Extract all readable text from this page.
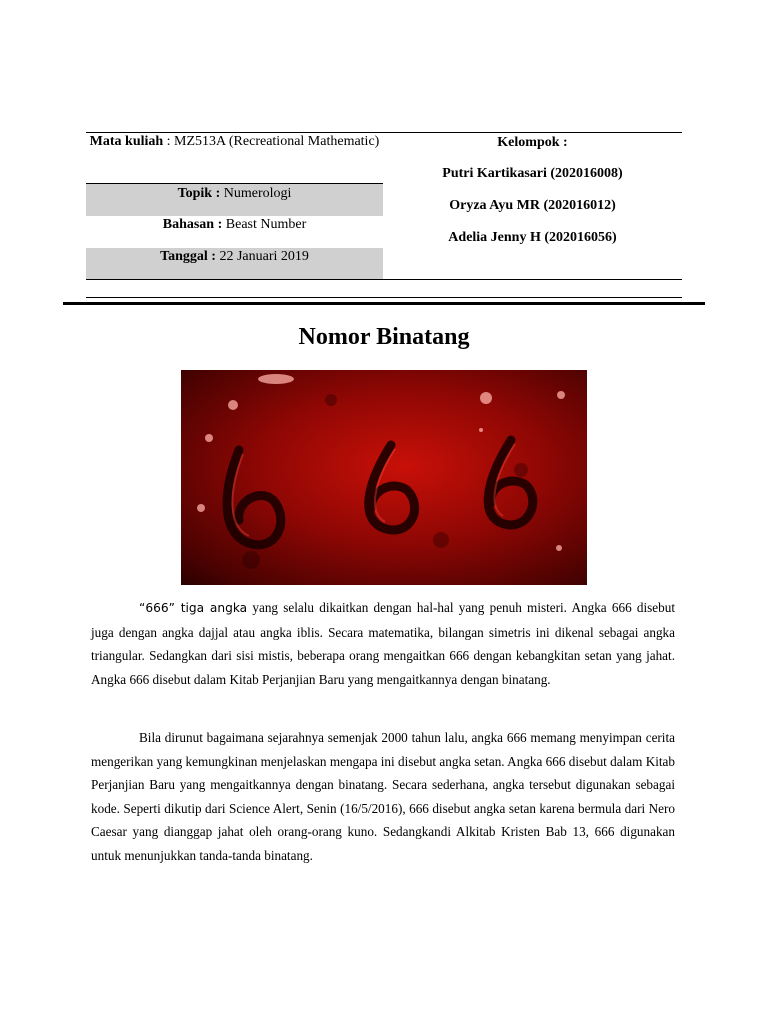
Mata kuliah : MZ513A (Recreational Mathematic)
Topik : Numerologi
Bahasan : Beast Number
Tanggal : 22 Januari 2019
Kelompok :
Putri Kartikasari (202016008)
Oryza Ayu MR (202016012)
Adelia Jenny H (202016056)
Nomor Binatang
“666” tiga angka yang selalu dikaitkan dengan hal-hal yang penuh misteri. Angka 666 disebut juga dengan angka dajjal atau angka iblis. Secara matematika, bilangan simetris ini dikenal sebagai angka triangular. Sedangkan dari sisi mistis, beberapa orang mengaitkan 666 dengan kebangkitan setan yang jahat. Angka 666 disebut dalam Kitab Perjanjian Baru yang mengaitkannya dengan binatang.
Bila dirunut bagaimana sejarahnya semenjak 2000 tahun lalu, angka 666 memang menyimpan cerita mengerikan yang kemungkinan menjelaskan mengapa ini disebut angka setan. Angka 666 disebut dalam Kitab Perjanjian Baru yang mengaitkannya dengan binatang. Secara sederhana, angka tersebut digunakan sebagai kode. Seperti dikutip dari Science Alert, Senin (16/5/2016), 666 disebut angka setan karena bermula dari Nero Caesar yang dianggap jahat oleh orang-orang kuno. Sedangkandi Alkitab Kristen Bab 13, 666 digunakan untuk menunjukkan tanda-tanda binatang.
